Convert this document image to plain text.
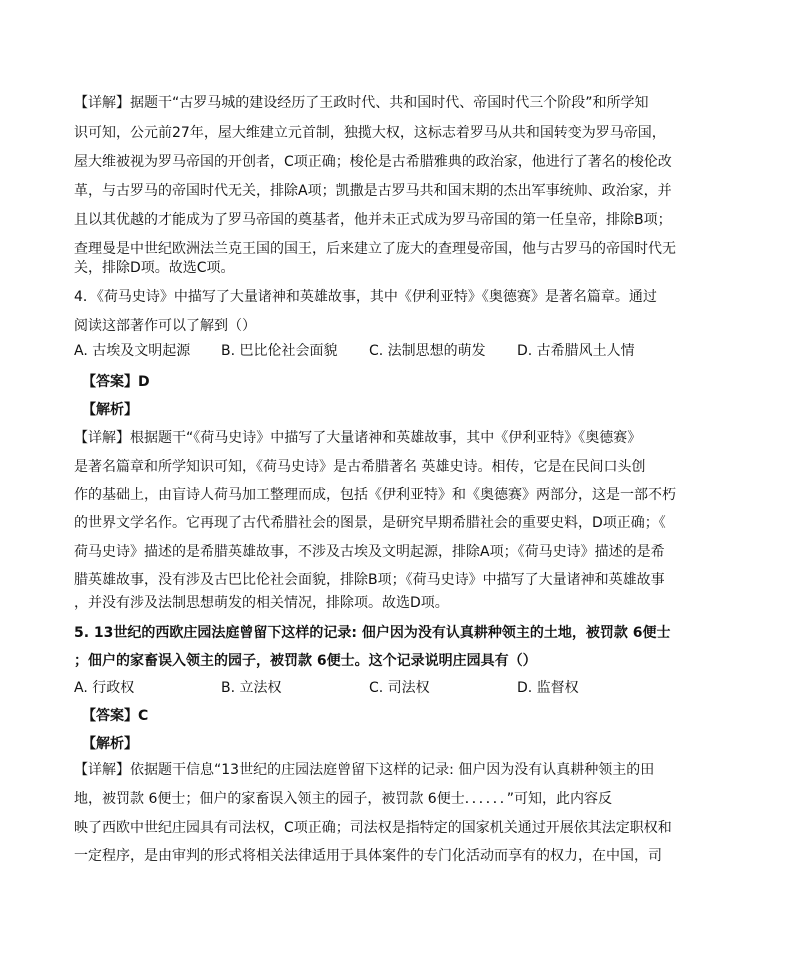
【详解】据题干“古罗马城的建设经历了王政时代、共和国时代、帝国时代三个阶段”和所学知
识可知，公元前27年，屋大维建立元首制，独揽大权，这标志着罗马从共和国转变为罗马帝国，
屋大维被视为罗马帝国的开创者，C项正确；梭伦是古希腊雅典的政治家，他进行了著名的梭伦改
革，与古罗马的帝国时代无关，排除A项；凯撒是古罗马共和国末期的杰出军事统帅、政治家，并
且以其优越的才能成为了罗马帝国的奠基者，他并未正式成为罗马帝国的第一任皇帝，排除B项；
查理曼是中世纪欧洲法兰克王国的国王，后来建立了庞大的查理曼帝国，他与古罗马的帝国时代无
关，排除D项。故选C项。
4．《荷马史诗》中描写了大量诸神和英雄故事，其中《伊利亚特》《奥德赛》是著名篇章。通过
阅读这部著作可以了解到（）
A. 古埃及文明起源 B. 巴比伦社会面貌 C. 法制思想的萌发 D. 古希腊风土人情
【答案】D
【解析】
【详解】根据题干“《荷马史诗》中描写了大量诸神和英雄故事，其中《伊利亚特》《奥德赛》
是著名篇章和所学知识可知，《荷马史诗》是古希腊著名 英雄史诗。相传，它是在民间口头创
作的基础上，由盲诗人荷马加工整理而成，包括《伊利亚特》和《奥德赛》两部分，这是一部不朽
的世界文学名作。它再现了古代希腊社会的图景，是研究早期希腊社会的重要史料，D项正确；《
荷马史诗》描述的是希腊英雄故事，不涉及古埃及文明起源，排除A项；《荷马史诗》描述的是希
腊英雄故事，没有涉及古巴比伦社会面貌，排除B项；《荷马史诗》中描写了大量诸神和英雄故事
，并没有涉及法制思想萌发的相关情况，排除项。故选D项。
5. 13世纪的西欧庄园法庭曾留下这样的记录: 佃户因为没有认真耕种领主的土地，被罚款 6便士
；佃户的家畜误入领主的园子，被罚款 6便士。这个记录说明庄园具有（）
A. 行政权	B. 立法权	C. 司法权	D. 监督权
【答案】C
【解析】
【详解】依据题干信息“13世纪的庄园法庭曾留下这样的记录: 佃户因为没有认真耕种领主的田
地，被罚款 6便士；佃户的家畜误入领主的园子，被罚款 6便士．．．．．．”可知，此内容反
映了西欧中世纪庄园具有司法权，C项正确；司法权是指特定的国家机关通过开展依其法定职权和
一定程序，是由审判的形式将相关法律适用于具体案件的专门化活动而享有的权力，在中国，司
